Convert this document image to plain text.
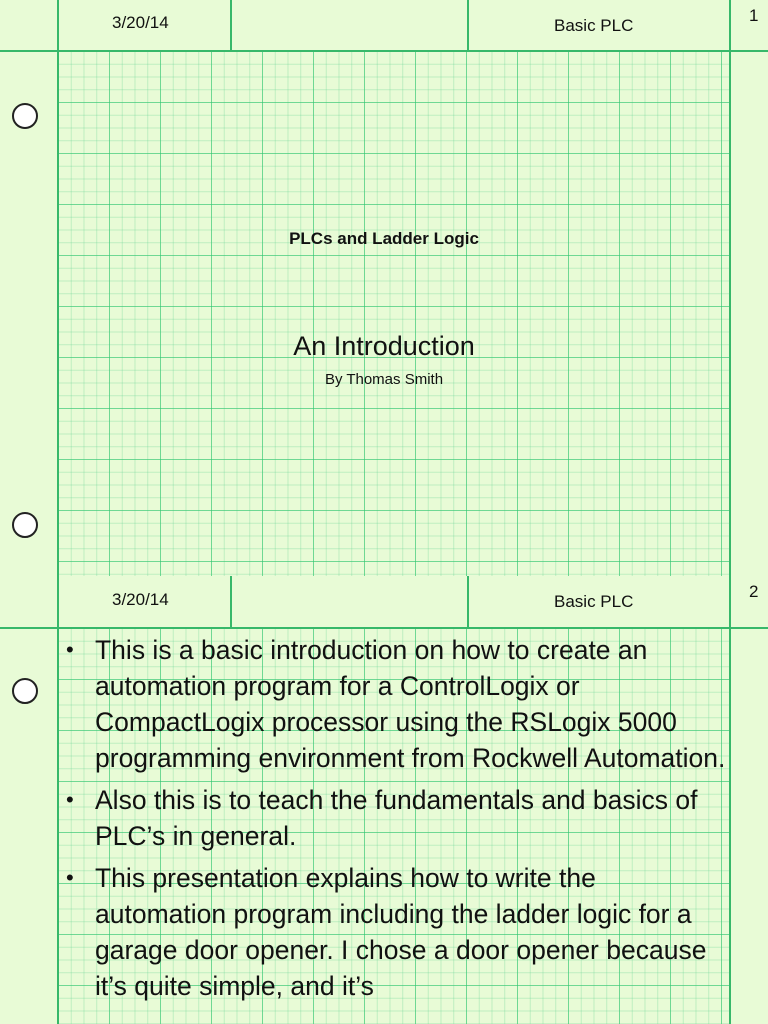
3/20/14	Basic PLC
1
PLCs and Ladder Logic
An Introduction
By Thomas Smith
3/20/14	Basic PLC
2
• This is a basic introduction on how to create an automation program for a ControlLogix or CompactLogix processor using the RSLogix 5000 programming environment from Rockwell Automation.
• Also this is to teach the fundamentals and basics of PLC’s in general.
• This presentation explains how to write the automation program including the ladder logic for a garage door opener. I chose a door opener because it’s quite simple, and it’s
